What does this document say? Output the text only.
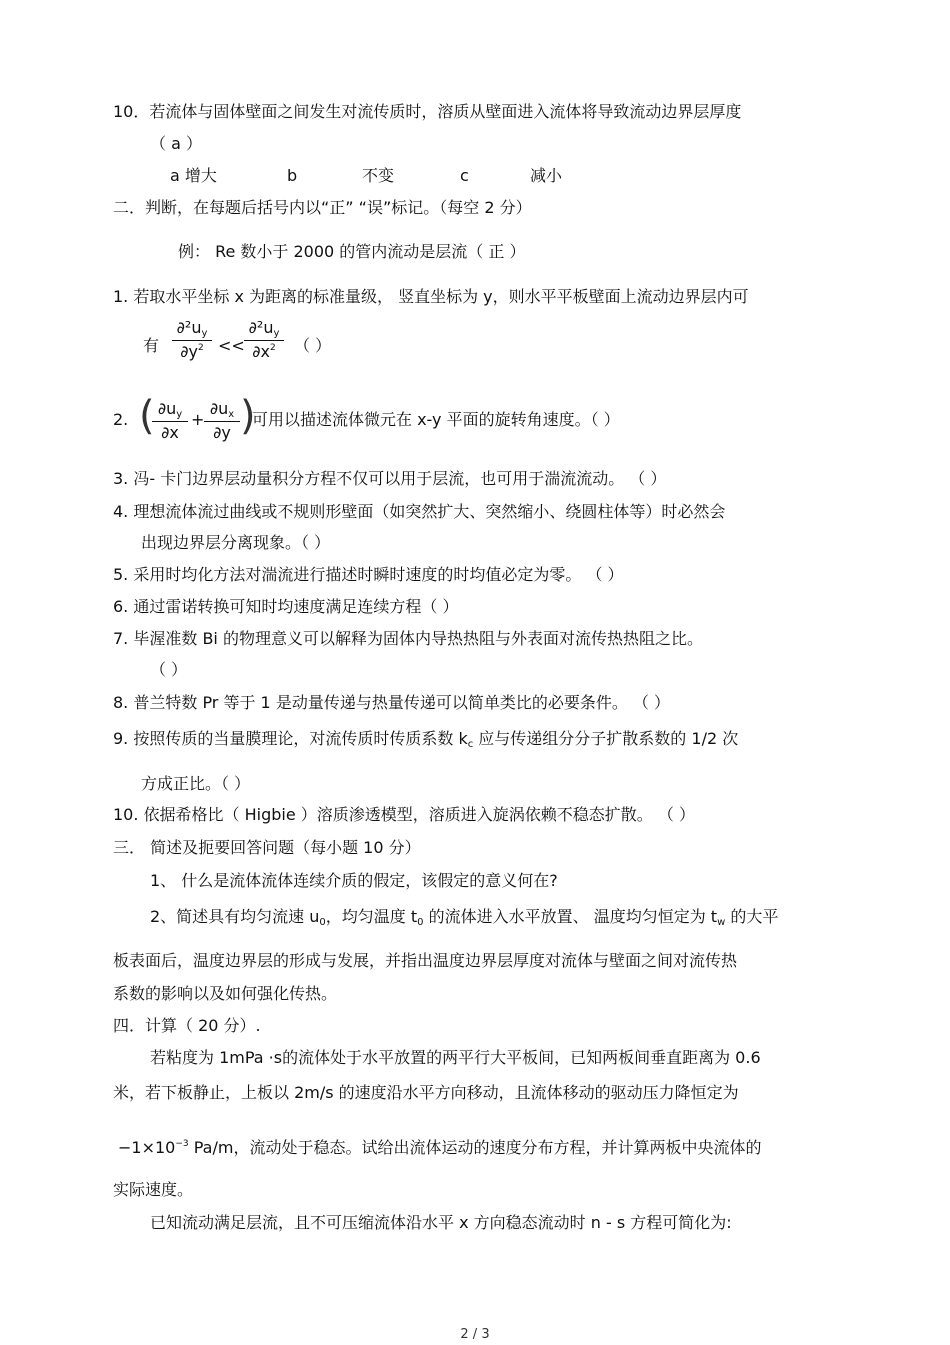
10．若流体与固体壁面之间发生对流传质时，溶质从壁面进入流体将导致流动边界层厚度
（ a ）
a 增大	b	不变	c	减小
二．判断，在每题后括号内以“正” “误”标记。（每空 2 分）
例： Re 数小于 2000 的管内流动是层流（ 正 ）
1. 若取水平坐标 x 为距离的标准量级， 竖直坐标为 y，则水平平板壁面上流动边界层内可
有
$\partial^2u_y$
$\partial y^2$ <<
$\partial^2u_y$
$\partial x^2$	（ ）
2. ( $\partial u_y$
∂x
+
$\partial u_x$
∂y )
可用以描述流体微元在 x-y 平面的旋转角速度。（ ）
3. 冯- 卡门边界层动量积分方程不仅可以用于层流，也可用于湍流流动。 （ ）
4. 理想流体流过曲线或不规则形壁面（如突然扩大、突然缩小、绕圆柱体等）时必然会
出现边界层分离现象。（ ）
5. 采用时均化方法对湍流进行描述时瞬时速度的时均值必定为零。 （ ）
6. 通过雷诺转换可知时均速度满足连续方程（ ）
7. 毕渥准数 Bi 的物理意义可以解释为固体内导热热阻与外表面对流传热热阻之比。
（ ）
8. 普兰特数 Pr 等于 1 是动量传递与热量传递可以简单类比的必要条件。 （ ）
9. 按照传质的当量膜理论，对流传质时传质系数 $k_c$ 应与传递组分分子扩散系数的 1/2 次
方成正比。（ ）
10. 依据希格比（ Higbie ）溶质渗透模型，溶质进入旋涡依赖不稳态扩散。 （ ）
三． 简述及扼要回答问题（每小题 10 分）
1、 什么是流体流体连续介质的假定，该假定的意义何在?
2、简述具有均匀流速 $u_0$，均匀温度 $t_0$ 的流体进入水平放置、 温度均匀恒定为 $t_w$ 的大平
板表面后，温度边界层的形成与发展，并指出温度边界层厚度对流体与壁面之间对流传热
系数的影响以及如何强化传热。
四．计算（ 20 分）.
若粘度为 1mPa ·s的流体处于水平放置的两平行大平板间，已知两板间垂直距离为 0.6
米，若下板静止，上板以 2m/s 的速度沿水平方向移动，且流体移动的驱动压力降恒定为
$-1\times 10^{-3}$ Pa/m，流动处于稳态。试给出流体运动的速度分布方程，并计算两板中央流体的
实际速度。
已知流动满足层流，且不可压缩流体沿水平 x 方向稳态流动时 n - s 方程可简化为:
2 / 3
